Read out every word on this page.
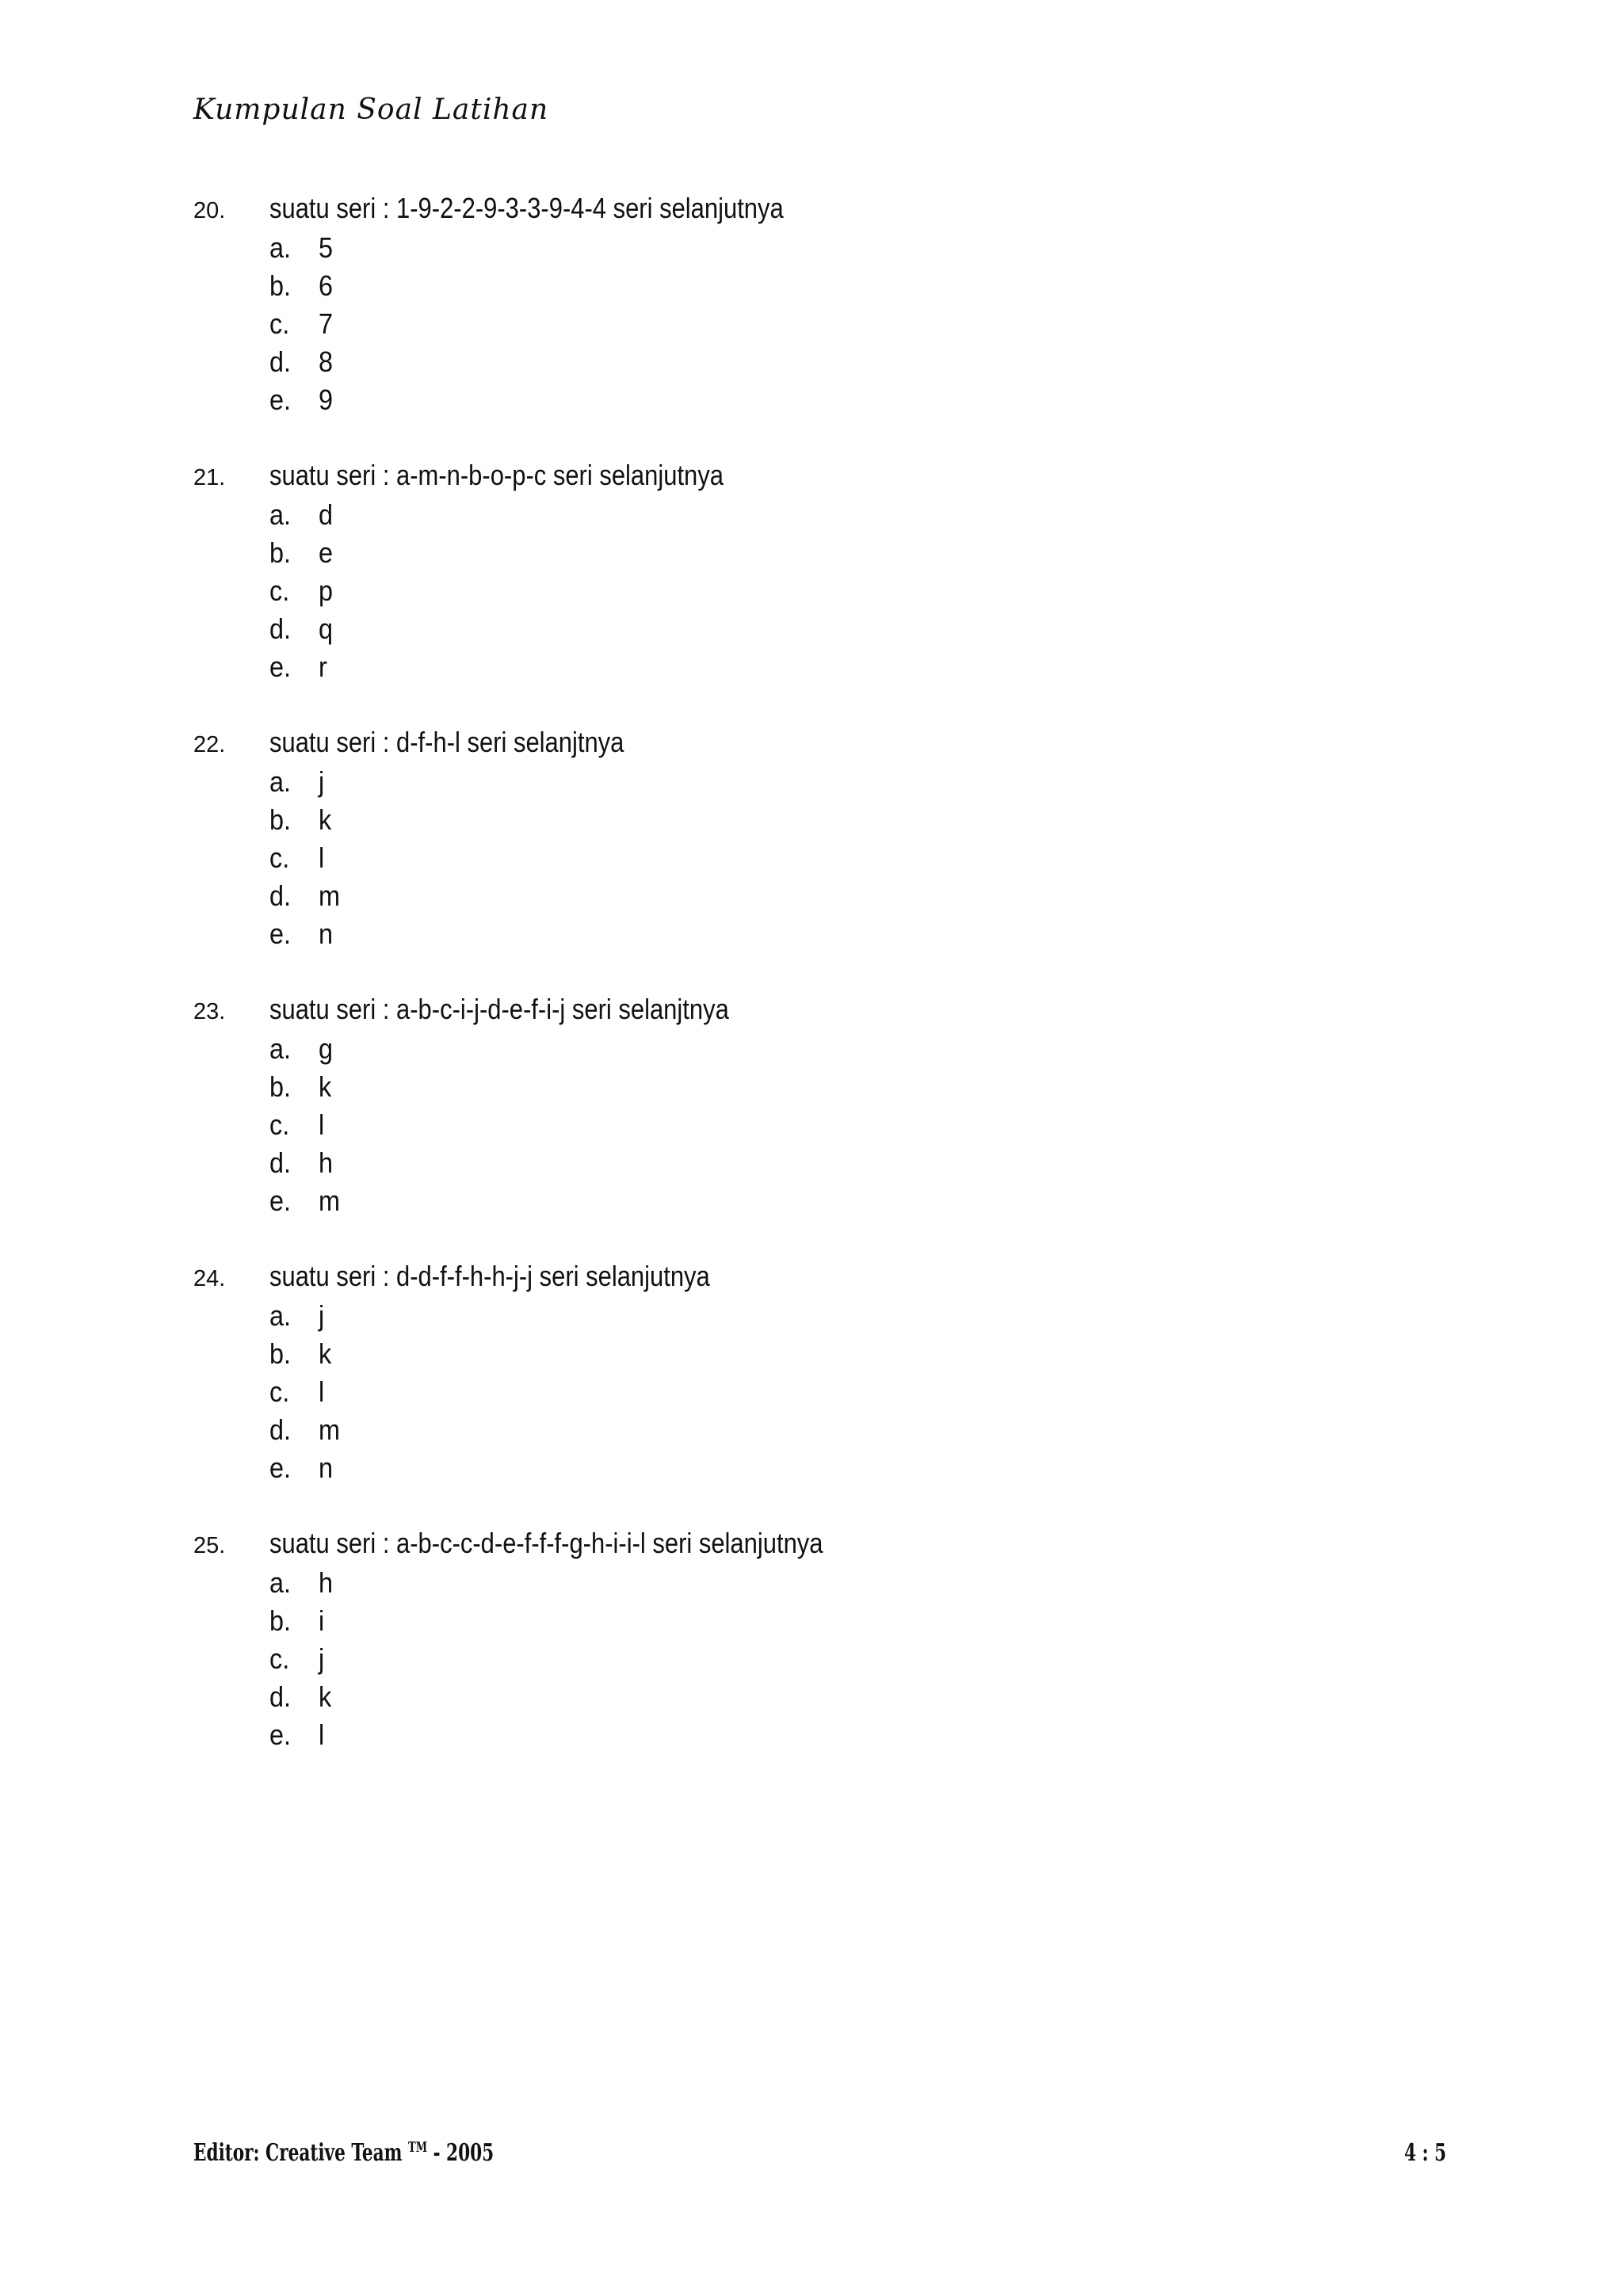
Kumpulan Soal Latihan
20.	suatu seri : 1-9-2-2-9-3-3-9-4-4 seri selanjutnya
a. 5
b. 6
c.	7
d. 8
e. 9
21.	suatu seri : a-m-n-b-o-p-c seri selanjutnya
a. d
b. e
c.	p
d. q
e. r
22.	suatu seri : d-f-h-l seri selanjtnya
a. j
b. k
c.	l
d. m
e. n
23.	suatu seri : a-b-c-i-j-d-e-f-i-j seri selanjtnya
a. g
b. k
c.	l
d. h
e. m
24.	suatu seri : d-d-f-f-h-h-j-j seri selanjutnya
a. j
b. k
c.	l
d. m
e. n
25.	suatu seri : a-b-c-c-d-e-f-f-f-g-h-i-i-l seri selanjutnya
a. h
b. i
c.	j
d. k
e. l
Editor: Creative Team ™ - 2005	4 : 5
